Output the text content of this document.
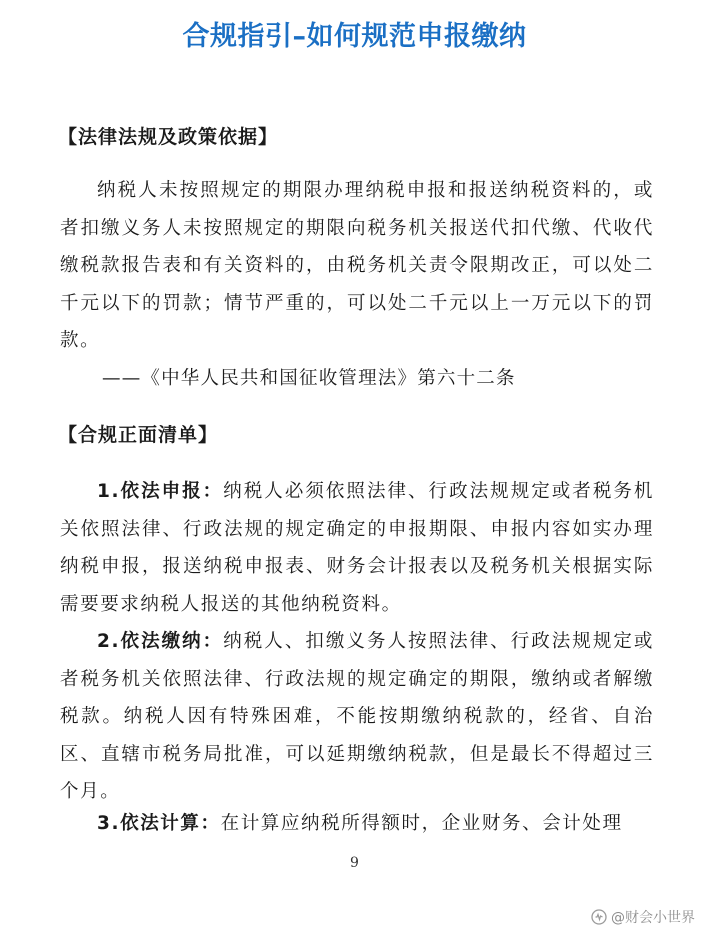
合规指引–如何规范申报缴纳
【法律法规及政策依据】

纳税人未按照规定的期限办理纳税申报和报送纳税资料的，或者扣缴义务人未按照规定的期限向税务机关报送代扣代缴、代收代缴税款报告表和有关资料的，由税务机关责令限期改正，可以处二千元以下的罚款；情节严重的，可以处二千元以上一万元以下的罚款。

——《中华人民共和国征收管理法》第六十二条
【合规正面清单】

1.依法申报：纳税人必须依照法律、行政法规规定或者税务机关依照法律、行政法规的规定确定的申报期限、申报内容如实办理纳税申报，报送纳税申报表、财务会计报表以及税务机关根据实际需要要求纳税人报送的其他纳税资料。

2.依法缴纳：纳税人、扣缴义务人按照法律、行政法规规定或者税务机关依照法律、行政法规的规定确定的期限，缴纳或者解缴税款。纳税人因有特殊困难，不能按期缴纳税款的，经省、自治区、直辖市税务局批准，可以延期缴纳税款，但是最长不得超过三个月。

3.依法计算：在计算应纳税所得额时，企业财务、会计处理

9
@财会小世界
